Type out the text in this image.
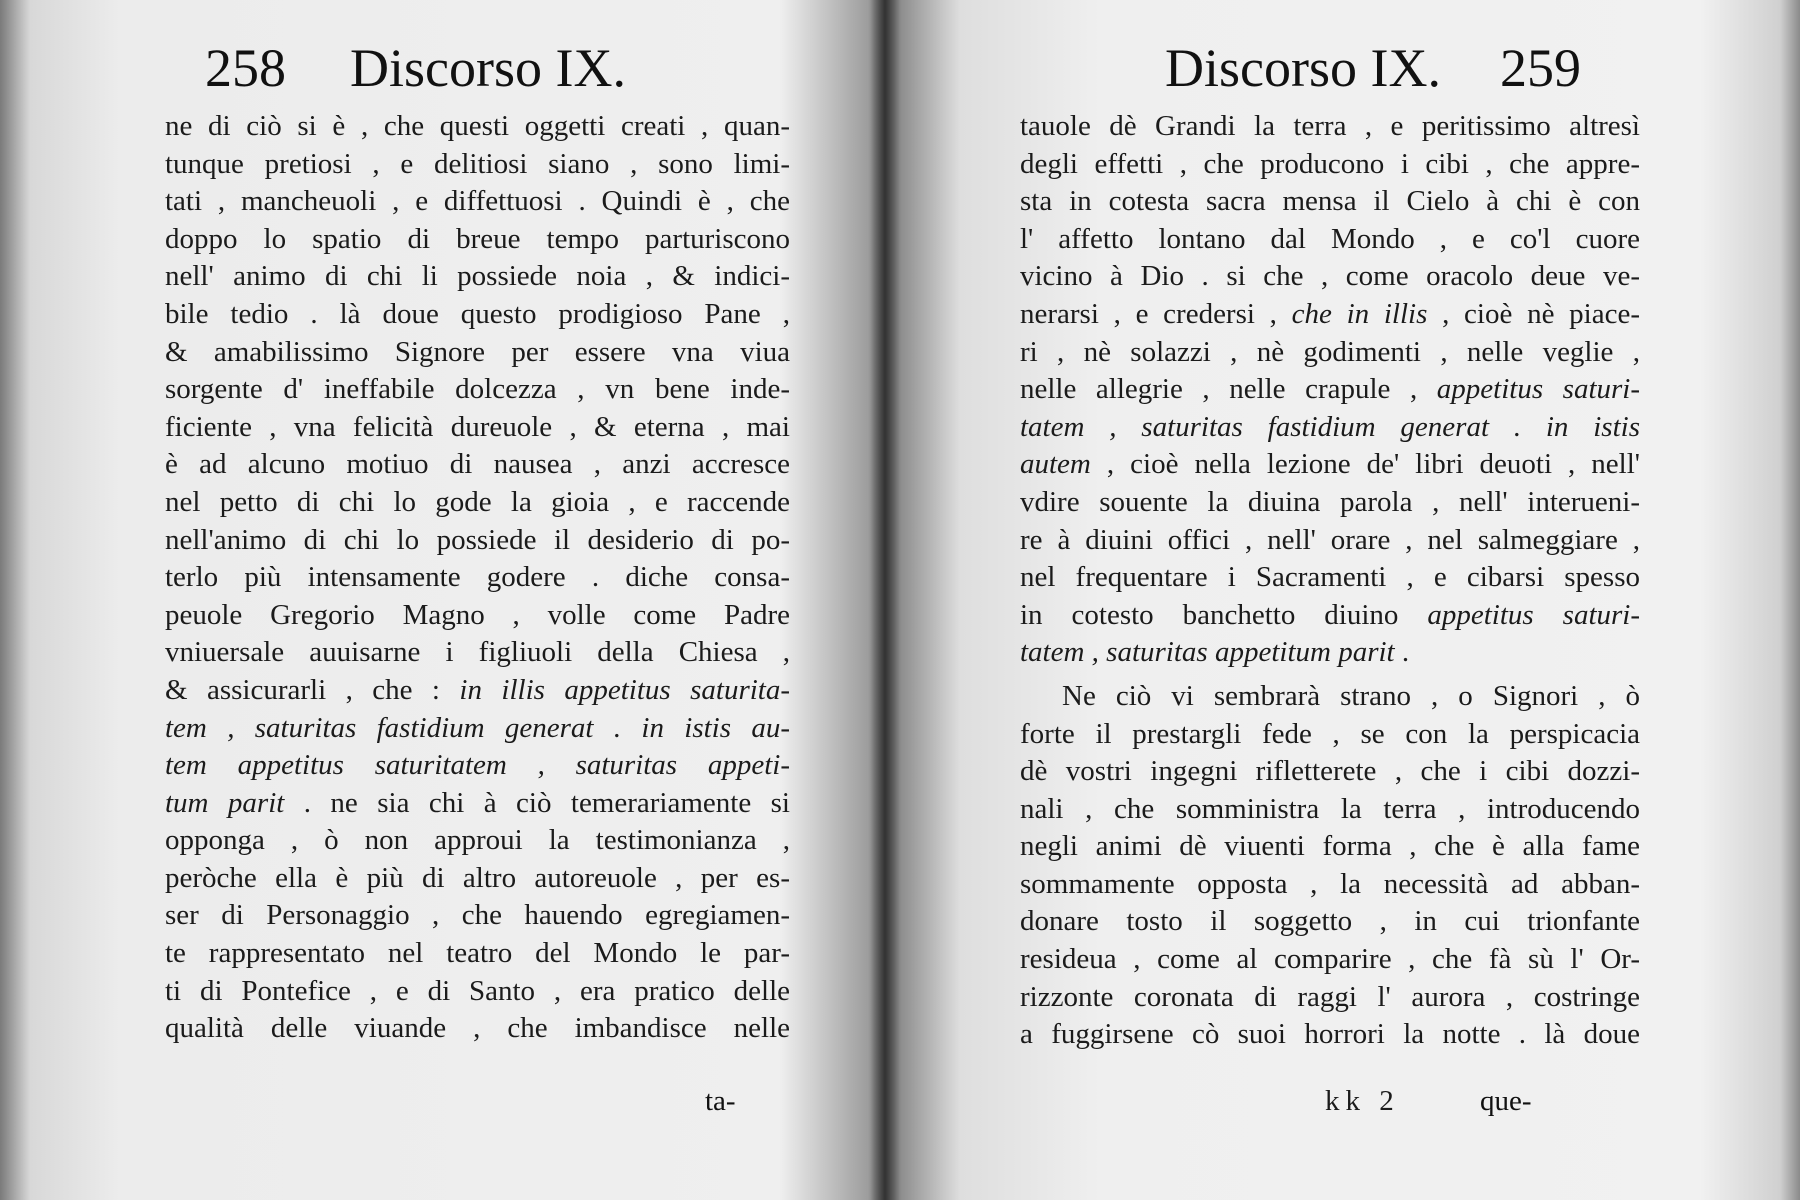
258 Discorso IX.
ne di ciò si è , che questi oggetti creati , quan-
tunque pretiosi , e delitiosi siano , sono limi-
tati , mancheuoli , e diffettuosi . Quindi è , che
doppo lo spatio di breue tempo parturiscono
nell' animo di chi li possiede noia , & indici-
bile tedio . là doue questo prodigioso Pane ,
& amabilissimo Signore per essere vna viua
sorgente d' ineffabile dolcezza , vn bene inde-
ficiente , vna felicità dureuole , & eterna , mai
è ad alcuno motiuo di nausea , anzi accresce
nel petto di chi lo gode la gioia , e raccende
nell'animo di chi lo possiede il desiderio di po-
terlo più intensamente godere . diche consa-
peuole Gregorio Magno , volle come Padre
vniuersale auuisarne i figliuoli della Chiesa ,
& assicurarli , che : in illis appetitus saturita-
tem , saturitas fastidium generat . in istis au-
tem appetitus saturitatem , saturitas appeti-
tum parit . ne sia chi à ciò temerariamente si
opponga , ò non approui la testimonianza ,
peròche ella è più di altro autoreuole , per es-
ser di Personaggio , che hauendo egregiamen-
te rappresentato nel teatro del Mondo le par-
ti di Pontefice , e di Santo , era pratico delle
qualità delle viuande , che imbandisce nelle
ta-
Discorso IX. 259
tauole dè Grandi la terra , e peritissimo altresì
degli effetti , che producono i cibi , che appre-
sta in cotesta sacra mensa il Cielo à chi è con
l' affetto lontano dal Mondo , e co'l cuore
vicino à Dio . si che , come oracolo deue ve-
nerarsi , e credersi , che in illis , cioè nè piace-
ri , nè solazzi , nè godimenti , nelle veglie ,
nelle allegrie , nelle crapule , appetitus saturi-
tatem , saturitas fastidium generat . in istis
autem , cioè nella lezione de' libri deuoti , nell'
vdire souente la diuina parola , nell' interueni-
re à diuini offici , nell' orare , nel salmeggiare ,
nel frequentare i Sacramenti , e cibarsi spesso
in cotesto banchetto diuino appetitus saturi-
tatem , saturitas appetitum parit .
Ne ciò vi sembrarà strano , o Signori , ò
forte il prestargli fede , se con la perspicacia
dè vostri ingegni rifletterete , che i cibi dozzi-
nali , che somministra la terra , introducendo
negli animi dè viuenti forma , che è alla fame
sommamente opposta , la necessità ad abban-
donare tosto il soggetto , in cui trionfante
resideua , come al comparire , che fà sù l' Or-
rizzonte coronata di raggi l' aurora , costringe
a fuggirsene cò suoi horrori la notte . là doue
kk 2	que-
